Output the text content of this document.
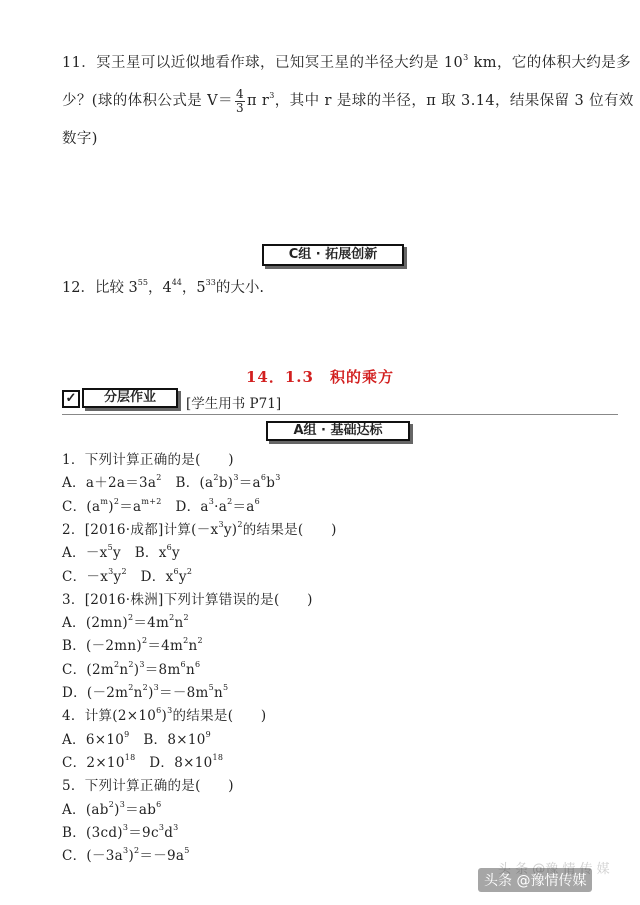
11．冥王星可以近似地看作球，已知冥王星的半径大约是 $10^3$ km，它的体积大约是多少？(球的体积公式是 $V= \frac{4}{3}$ π $r^3$，其中 r 是球的半径，π 取 3.14，结果保留 3 位有效数字)
C组 · 拓展创新
12．比较 $3^{55}$，$4^{44}$，$5^{33}$的大小.
14．1.3　积的乘方
✓	分层作业	[学生用书 P71]
A组 · 基础达标
1．下列计算正确的是(　　)
A．$a+2a=3a^2$　B．$(a^2b)^3=a^6b^3$
C．$(a^m)^2=a^{m+2}$　D．$a^3\cdot a^2=a^6$
2．[2016·成都]计算$(-x^3y)^2$的结果是(　　)
A．$-x^5y$　B．$x^6y$
C．$-x^3y^2$　D．$x^6y^2$
3．[2016·株洲]下列计算错误的是(　　)
A．$(2mn)^2=4m^2n^2$
B．$(-2mn)^2=4m^2n^2$
C．$(2m^2n^2)^3=8m^6n^6$
D．$(-2m^2n^2)^3=-8m^5n^5$
4．计算$(2\times 10^6)^3$的结果是(　　)
A．$6\times 10^9$　B．$8\times 10^9$
C．$2\times 10^{18}$　D．$8\times 10^{18}$
5．下列计算正确的是(　　)
A．$(ab^2)^3=ab^6$
B．$(3cd)^3=9c^3d^3$
C．$(-3a^3)^2=-9a^5$
头 条 @豫 情 传 媒
头条 @豫情传媒
